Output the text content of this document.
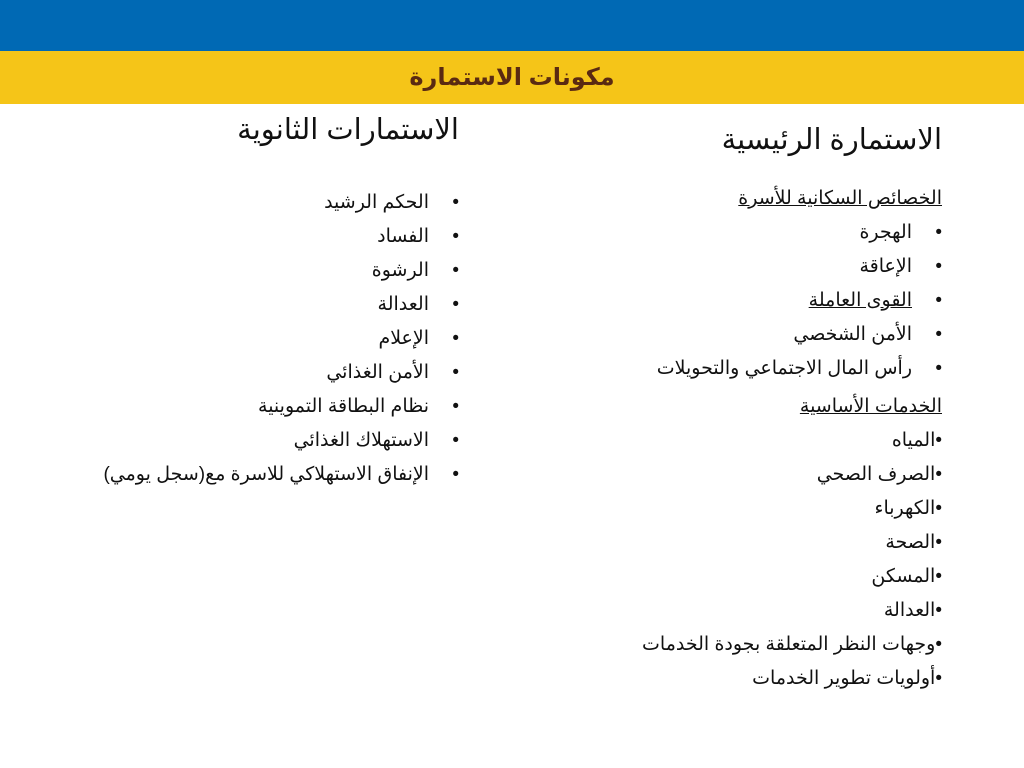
مكونات الاستمارة
الاستمارة الرئيسية
الخصائص السكانية للأسرة
• الهجرة
• الإعاقة
• القوى العاملة
• الأمن الشخصي
• رأس المال الاجتماعي والتحويلات
الخدمات الأساسية
• المياه
• الصرف الصحي
• الكهرباء
• الصحة
• المسكن
• العدالة
• وجهات النظر المتعلقة بجودة الخدمات
• أولويات تطوير الخدمات
الاستمارات الثانوية
• الحكم الرشيد
• الفساد
• الرشوة
• العدالة
• الإعلام
• الأمن الغذائي
• نظام البطاقة التموينية
• الاستهلاك الغذائي
• الإنفاق الاستهلاكي للاسرة مع(سجل يومي)
